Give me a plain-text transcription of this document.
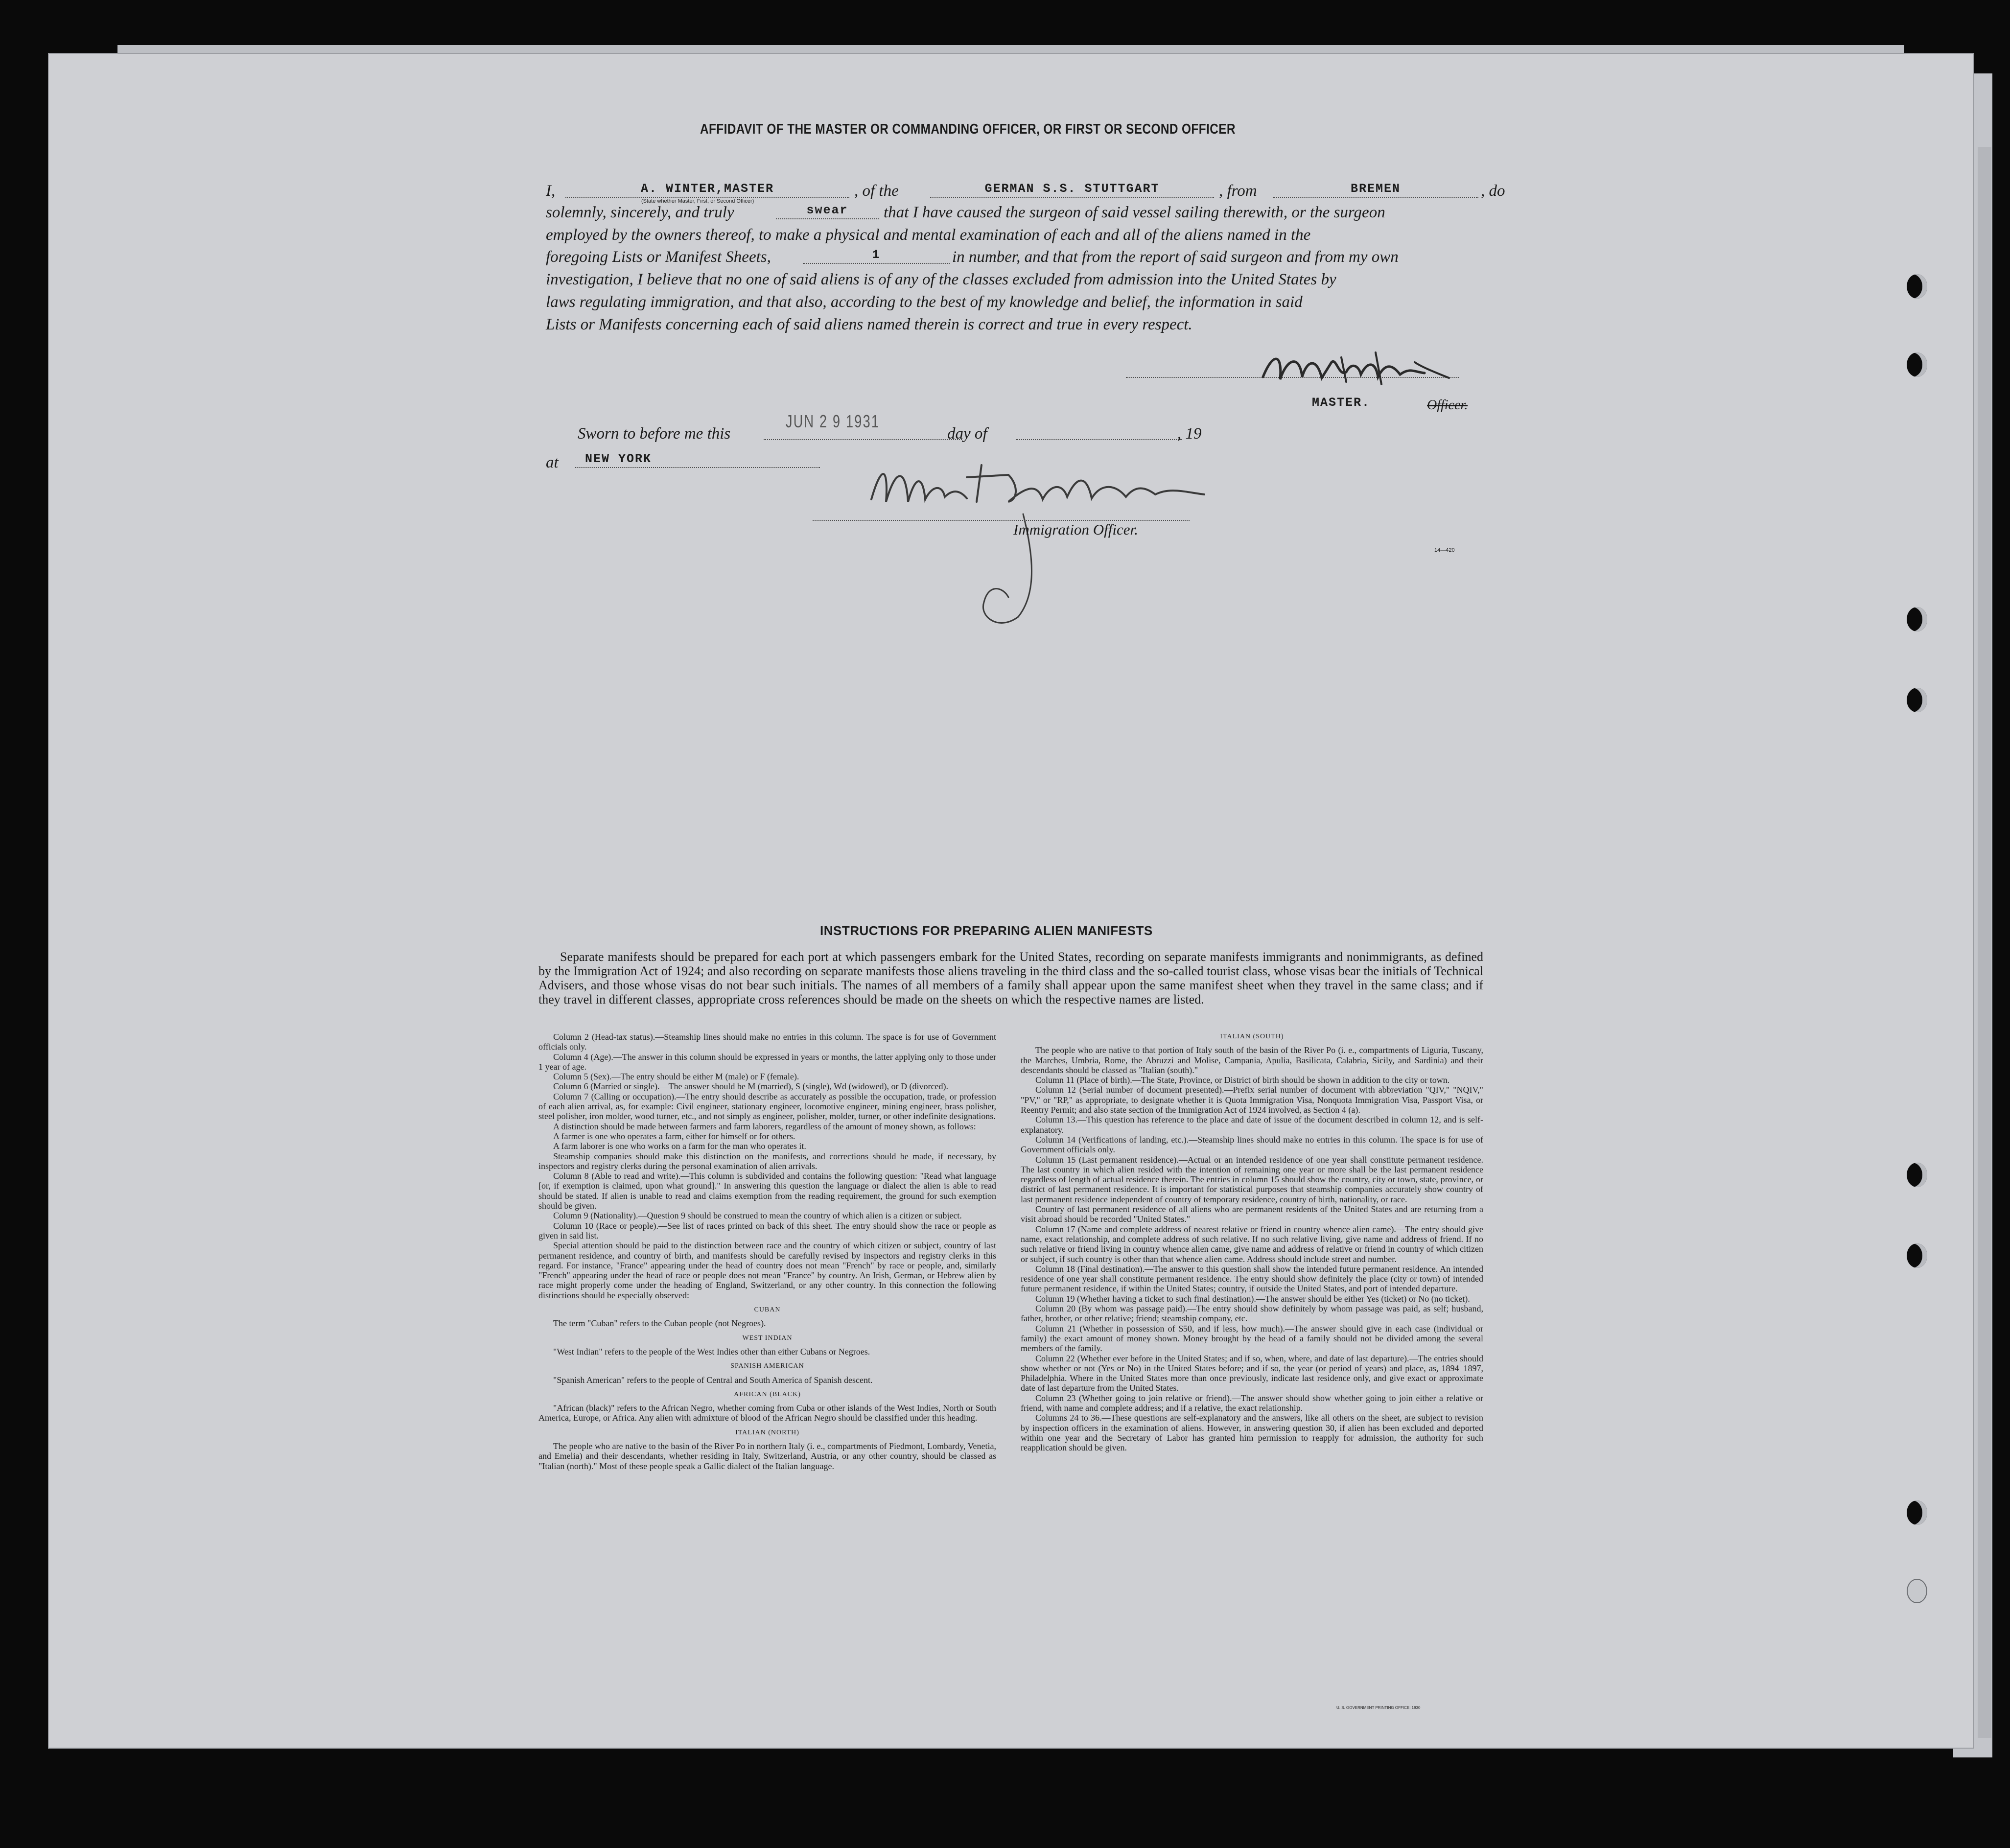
AFFIDAVIT OF THE MASTER OR COMMANDING OFFICER, OR FIRST OR SECOND OFFICER
I,	A. WINTER,MASTER
(State whether Master, First, or Second Officer)
, of the	GERMAN S.S. STUTTGART	, from	BREMEN	, do
solemnly, sincerely, and truly	swear	that I have caused the surgeon of said vessel sailing therewith, or the surgeon
employed by the owners thereof, to make a physical and mental examination of each and all of the aliens named in the
foregoing Lists or Manifest Sheets,	1	in number, and that from the report of said surgeon and from my own
investigation, I believe that no one of said aliens is of any of the classes excluded from admission into the United States by
laws regulating immigration, and that also, according to the best of my knowledge and belief, the information in said
Lists or Manifests concerning each of said aliens named therein is correct and true in every respect.
MASTER.	Officer.
Sworn to before me this
JUN 2 9 1931
day of	, 19
at NEW YORK
Immigration Officer.
14—420
INSTRUCTIONS FOR PREPARING ALIEN MANIFESTS

Separate manifests should be prepared for each port at which passengers embark for the United States, recording on separate manifests immigrants and nonimmigrants, as defined by the Immigration Act of 1924; and also recording on separate manifests those aliens traveling in the third class and the so-called tourist class, whose visas bear the initials of Technical Advisers, and those whose visas do not bear such initials. The names of all members of a family shall appear upon the same manifest sheet when they travel in the same class; and if they travel in different classes, appropriate cross references should be made on the sheets on which the respective names are listed.

Column 2 (Head-tax status).—Steamship lines should make no entries in this column. The space is for use of Government officials only.

Column 4 (Age).—The answer in this column should be expressed in years or months, the latter applying only to those under 1 year of age.

Column 5 (Sex).—The entry should be either M (male) or F (female).

Column 6 (Married or single).—The answer should be M (married), S (single), Wd (widowed), or D (divorced).

Column 7 (Calling or occupation).—The entry should describe as accurately as possible the occupation, trade, or profession of each alien arrival, as, for example: Civil engineer, stationary engineer, locomotive engineer, mining engineer, brass polisher, steel polisher, iron molder, wood turner, etc., and not simply as engineer, polisher, molder, turner, or other indefinite designations.

A distinction should be made between farmers and farm laborers, regardless of the amount of money shown, as follows:

A farmer is one who operates a farm, either for himself or for others.

A farm laborer is one who works on a farm for the man who operates it.

Steamship companies should make this distinction on the manifests, and corrections should be made, if necessary, by inspectors and registry clerks during the personal examination of alien arrivals.

Column 8 (Able to read and write).—This column is subdivided and contains the following question: "Read what language [or, if exemption is claimed, upon what ground]." In answering this question the language or dialect the alien is able to read should be stated. If alien is unable to read and claims exemption from the reading requirement, the ground for such exemption should be given.

Column 9 (Nationality).—Question 9 should be construed to mean the country of which alien is a citizen or subject.

Column 10 (Race or people).—See list of races printed on back of this sheet. The entry should show the race or people as given in said list.

Special attention should be paid to the distinction between race and the country of which citizen or subject, country of last permanent residence, and country of birth, and manifests should be carefully revised by inspectors and registry clerks in this regard. For instance, "France" appearing under the head of country does not mean "French" by race or people, and, similarly "French" appearing under the head of race or people does not mean "France" by country. An Irish, German, or Hebrew alien by race might properly come under the heading of England, Switzerland, or any other country. In this connection the following distinctions should be especially observed:

CUBAN

The term "Cuban" refers to the Cuban people (not Negroes).

WEST INDIAN

"West Indian" refers to the people of the West Indies other than either Cubans or Negroes.

SPANISH AMERICAN

"Spanish American" refers to the people of Central and South America of Spanish descent.

AFRICAN (BLACK)

"African (black)" refers to the African Negro, whether coming from Cuba or other islands of the West Indies, North or South America, Europe, or Africa. Any alien with admixture of blood of the African Negro should be classified under this heading.

ITALIAN (NORTH)

The people who are native to the basin of the River Po in northern Italy (i. e., compartments of Piedmont, Lombardy, Venetia, and Emelia) and their descendants, whether residing in Italy, Switzerland, Austria, or any other country, should be classed as "Italian (north)." Most of these people speak a Gallic dialect of the Italian language.

ITALIAN (SOUTH)

The people who are native to that portion of Italy south of the basin of the River Po (i. e., compartments of Liguria, Tuscany, the Marches, Umbria, Rome, the Abruzzi and Molise, Campania, Apulia, Basilicata, Calabria, Sicily, and Sardinia) and their descendants should be classed as "Italian (south)."

Column 11 (Place of birth).—The State, Province, or District of birth should be shown in addition to the city or town.

Column 12 (Serial number of document presented).—Prefix serial number of document with abbreviation "QIV," "NQIV," "PV," or "RP," as appropriate, to designate whether it is Quota Immigration Visa, Nonquota Immigration Visa, Passport Visa, or Reentry Permit; and also state section of the Immigration Act of 1924 involved, as Section 4 (a).

Column 13.—This question has reference to the place and date of issue of the document described in column 12, and is self-explanatory.

Column 14 (Verifications of landing, etc.).—Steamship lines should make no entries in this column. The space is for use of Government officials only.

Column 15 (Last permanent residence).—Actual or an intended residence of one year shall constitute permanent residence. The last country in which alien resided with the intention of remaining one year or more shall be the last permanent residence regardless of length of actual residence therein. The entries in column 15 should show the country, city or town, state, province, or district of last permanent residence. It is important for statistical purposes that steamship companies accurately show country of last permanent residence independent of country of temporary residence, country of birth, nationality, or race.

Country of last permanent residence of all aliens who are permanent residents of the United States and are returning from a visit abroad should be recorded "United States."

Column 17 (Name and complete address of nearest relative or friend in country whence alien came).—The entry should give name, exact relationship, and complete address of such relative. If no such relative living, give name and address of friend. If no such relative or friend living in country whence alien came, give name and address of relative or friend in country of which citizen or subject, if such country is other than that whence alien came. Address should include street and number.

Column 18 (Final destination).—The answer to this question shall show the intended future permanent residence. An intended residence of one year shall constitute permanent residence. The entry should show definitely the place (city or town) of intended future permanent residence, if within the United States; country, if outside the United States, and port of intended departure.

Column 19 (Whether having a ticket to such final destination).—The answer should be either Yes (ticket) or No (no ticket).

Column 20 (By whom was passage paid).—The entry should show definitely by whom passage was paid, as self; husband, father, brother, or other relative; friend; steamship company, etc.

Column 21 (Whether in possession of $50, and if less, how much).—The answer should give in each case (individual or family) the exact amount of money shown. Money brought by the head of a family should not be divided among the several members of the family.

Column 22 (Whether ever before in the United States; and if so, when, where, and date of last departure).—The entries should show whether or not (Yes or No) in the United States before; and if so, the year (or period of years) and place, as, 1894–1897, Philadelphia. Where in the United States more than once previously, indicate last residence only, and give exact or approximate date of last departure from the United States.

Column 23 (Whether going to join relative or friend).—The answer should show whether going to join either a relative or friend, with name and complete address; and if a relative, the exact relationship.

Columns 24 to 36.—These questions are self-explanatory and the answers, like all others on the sheet, are subject to revision by inspection officers in the examination of aliens. However, in answering question 30, if alien has been excluded and deported within one year and the Secretary of Labor has granted him permission to reapply for admission, the authority for such reapplication should be given.

U. S. GOVERNMENT PRINTING OFFICE: 1930
